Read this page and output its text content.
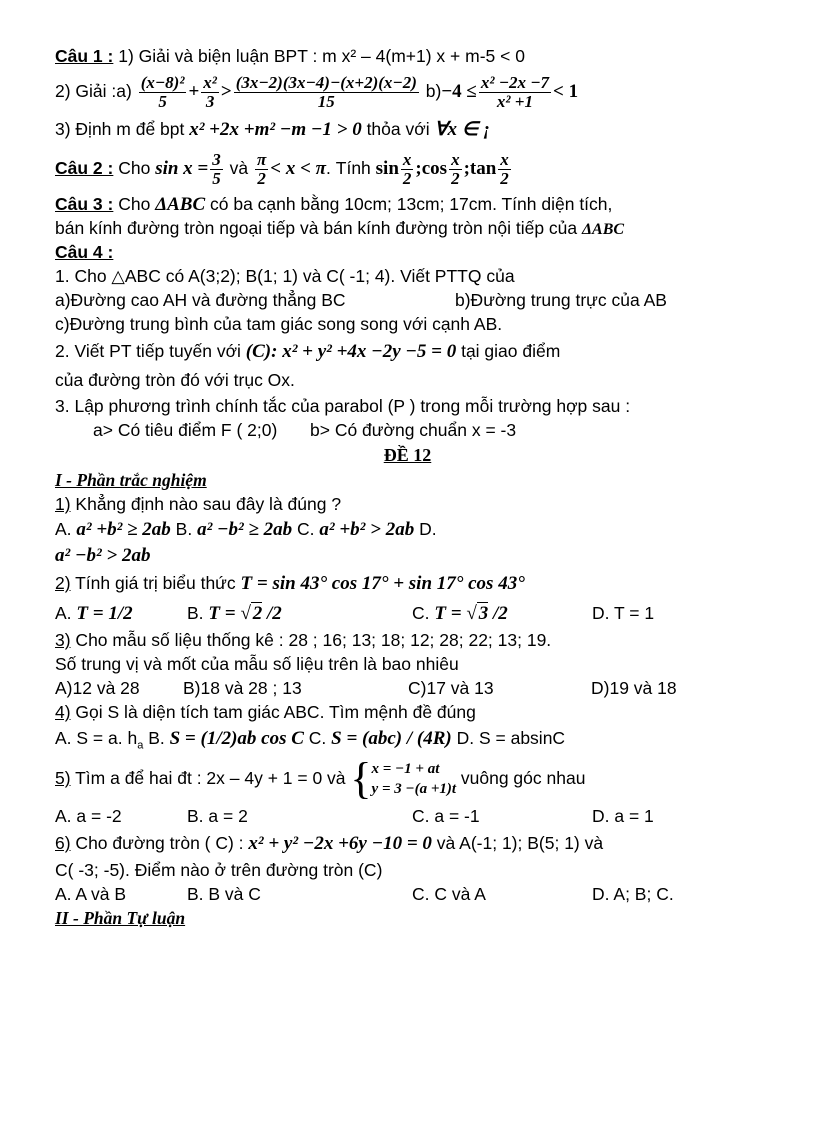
Câu 1 : 1) Giải và biện luận BPT : m x² – 4(m+1) x + m-5 < 0
2) Giải :a) $\frac{\text{(x−8)²}}{5} + \frac{\text{x²}}{3} > \frac{(3x-2)(3x-4)-(x+2)(x-2)}{15} b)-4 \le \frac{\text{x² −2x −7}}{\text{x² +1}} < 1$
3) Định m để bpt x² +2x +m² −m −1 > 0 thỏa với ∀x ∈ ¡
Câu 2 : Cho $\sin x = \frac{3}{5}$ và $\frac{\pi}{2} < x < \pi$. Tính $\sin \frac{x}{2}$ ;cos $\frac{x}{2}$ ;tan $\frac{x}{2}$
Câu 3 : Cho ΔABC có ba cạnh bằng 10cm; 13cm; 17cm. Tính diện tích,
bán kính đường tròn ngoại tiếp và bán kính đường tròn nội tiếp của ΔABC
Câu 4 :
1. Cho △ABC có A(3;2); B(1; 1) và C( -1; 4). Viết PTTQ của
a)Đường cao AH và đường thẳng BC	b)Đường trung trực của AB
c)Đường trung bình của tam giác song song với cạnh AB.
2. Viết PT tiếp tuyến với (C): x² + y² +4x −2y −5 = 0 tại giao điểm
của đường tròn đó với trục Ox.
3. Lập phương trình chính tắc của parabol (P ) trong mỗi trường hợp sau :
a> Có tiêu điểm F ( 2;0) b> Có đường chuẩn x = -3
ĐỀ 12
I - Phần trắc nghiệm
1) Khẳng định nào sau đây là đúng ?
A. a² +b² ≥ 2ab B. a² −b² ≥ 2ab C. a² +b² > 2ab D.
a² −b² > 2ab
2) Tính giá trị biểu thức T = sin 43° cos 17° + sin 17° cos 43°
A. T = 1/2	B. T = √ 2 /2	C. T = √ 3 /2	D. T = 1
3) Cho mẫu số liệu thống kê : 28 ; 16; 13; 18; 12; 28; 22; 13; 19.
Số trung vị và mốt của mẫu số liệu trên là bao nhiêu
A)12 và 28 B)18 và 28 ; 13	C)17 và 13	D)19 và 18
4) Gọi S là diện tích tam giác ABC. Tìm mệnh đề đúng
A. S = a. $h_a$ B. S = (1/2)ab cos C C. S = (abc) / (4R) D. S = absinC
5) Tìm a để hai đt : 2x – 4y + 1 = 0 và { x = −1 + at
y = 3 −(a +1)t
vuông góc nhau
A. a = -2	B. a = 2	C. a = -1	D. a = 1
6) Cho đường tròn ( C) : x² + y² −2x +6y −10 = 0 và A(-1; 1); B(5; 1) và
C( -3; -5). Điểm nào ở trên đường tròn (C)
A. A và B	B. B và C	C. C và A	D. A; B; C.
II - Phần Tự luận
